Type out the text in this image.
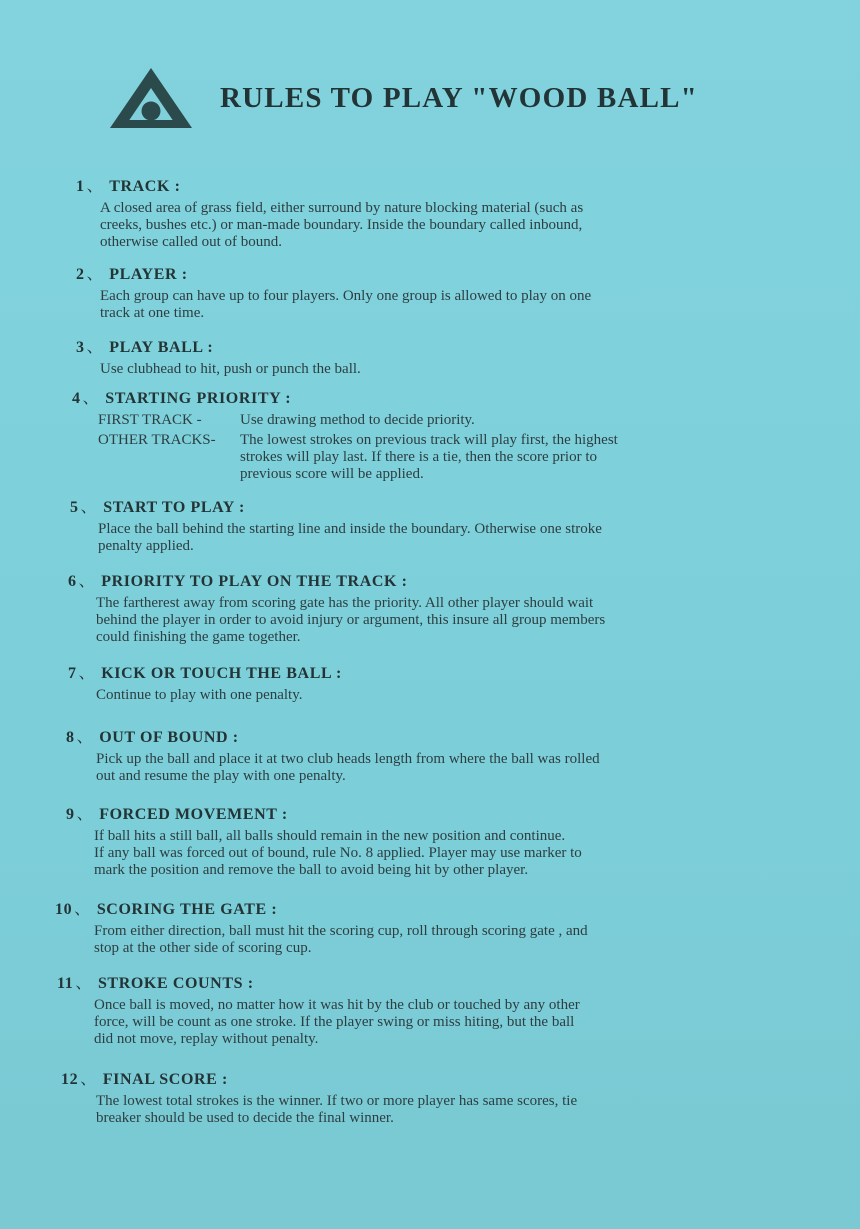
RULES TO PLAY "WOOD BALL"
1 、 TRACK :

A closed area of grass field, either surround by nature blocking material (such as

creeks, bushes etc.) or man-made boundary. Inside the boundary called inbound,

otherwise called out of bound.

2 、 PLAYER :

Each group can have up to four players. Only one group is allowed to play on one

track at one time.

3 、 PLAY BALL :

Use clubhead to hit, push or punch the ball.

4 、 STARTING PRIORITY :
FIRST TRACK -	Use drawing method to decide priority.

OTHER TRACKS-	The lowest strokes on previous track will play first, the highest

strokes will play last. If there is a tie, then the score prior to

previous score will be applied.

5 、 START TO PLAY :

Place the ball behind the starting line and inside the boundary. Otherwise one stroke

penalty applied.

6 、 PRIORITY TO PLAY ON THE TRACK :

The fartherest away from scoring gate has the priority. All other player should wait

behind the player in order to avoid injury or argument, this insure all group members

could finishing the game together.

7 、 KICK OR TOUCH THE BALL :

Continue to play with one penalty.

8 、 OUT OF BOUND :

Pick up the ball and place it at two club heads length from where the ball was rolled

out and resume the play with one penalty.

9 、 FORCED MOVEMENT :

If ball hits a still ball, all balls should remain in the new position and continue.

If any ball was forced out of bound, rule No. 8 applied. Player may use marker to

mark the position and remove the ball to avoid being hit by other player.

10 、 SCORING THE GATE :

From either direction, ball must hit the scoring cup, roll through scoring gate , and

stop at the other side of scoring cup.

11 、 STROKE COUNTS :

Once ball is moved, no matter how it was hit by the club or touched by any other

force, will be count as one stroke. If the player swing or miss hiting, but the ball

did not move, replay without penalty.

12 、 FINAL SCORE :

The lowest total strokes is the winner. If two or more player has same scores, tie

breaker should be used to decide the final winner.
